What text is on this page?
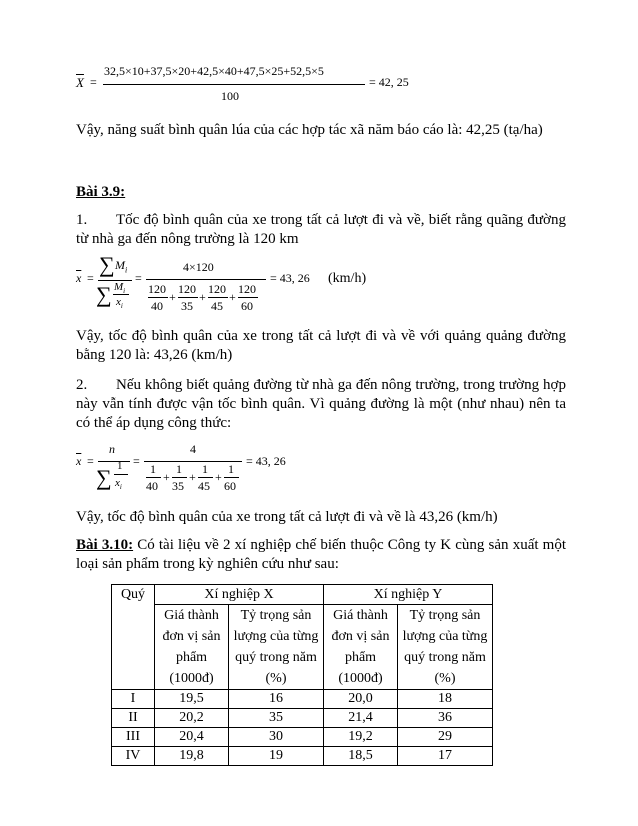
$\overline{X}$ =
32,5×10+37,5×20+42,5×40+47,5×25+52,5×5
100
= 42, 25
Vậy, năng suất bình quân lúa của các hợp tác xã năm báo cáo là: 42,25 (tạ/ha)
Bài 3.9:
1. Tốc độ bình quân của xe trong tất cả lượt đi và về, biết rằng quãng đường từ nhà ga đến nông trường là 120 km
$\overline{x}$ =
∑ $M_i$
∑ $M_i$
$x_i$
=
4×120
120
40
+
120
35
+
120
45
+
120
60
= 43, 26 (km/h)
Vậy, tốc độ bình quân của xe trong tất cả lượt đi và về với quảng quảng đường bằng 120 là: 43,26 (km/h)
2. Nếu không biết quảng đường từ nhà ga đến nông trường, trong trường hợp này vẫn tính được vận tốc bình quân. Vì quảng đường là một (như nhau) nên ta có thể áp dụng công thức:
$\overline{x}$ =
n
∑ 1
$x_i$
=
4
1
40
+
1
35
+
1
45
+
1
60
= 43, 26
Vậy, tốc độ bình quân của xe trong tất cả lượt đi và về là 43,26 (km/h)
Bài 3.10: Có tài liệu về 2 xí nghiệp chế biến thuộc Công ty K cùng sản xuất một loại sản phẩm trong kỳ nghiên cứu như sau:
Quý	Xí nghiệp X		Xí nghiệp Y	
	Giá thành
đơn vị sản
phẩm
(1000đ)	Tỷ trọng sản
lượng của từng
quý trong năm
(%)	Giá thành
đơn vị sản
phẩm
(1000đ)	Tỷ trọng sản
lượng của từng
quý trong năm
(%)
I	19,5	16	20,0	18
II	20,2	35	21,4	36
III	20,4	30	19,2	29
IV	19,8	19	18,5	17
